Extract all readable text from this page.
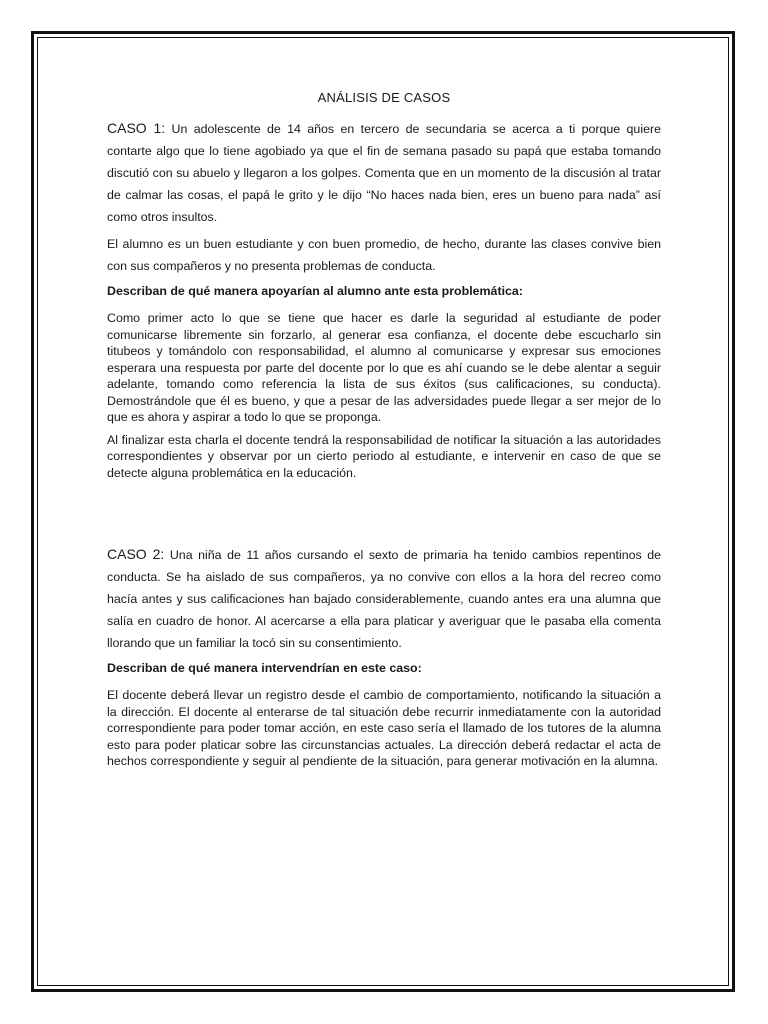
ANÁLISIS DE CASOS

CASO 1: Un adolescente de 14 años en tercero de secundaria se acerca a ti porque quiere contarte algo que lo tiene agobiado ya que el fin de semana pasado su papá que estaba tomando discutió con su abuelo y llegaron a los golpes. Comenta que en un momento de la discusión al tratar de calmar las cosas, el papá le grito y le dijo “No haces nada bien, eres un bueno para nada” así como otros insultos.

El alumno es un buen estudiante y con buen promedio, de hecho, durante las clases convive bien con sus compañeros y no presenta problemas de conducta.

Describan de qué manera apoyarían al alumno ante esta problemática:

Como primer acto lo que se tiene que hacer es darle la seguridad al estudiante de poder comunicarse libremente sin forzarlo, al generar esa confianza, el docente debe escucharlo sin titubeos y tomándolo con responsabilidad, el alumno al comunicarse y expresar sus emociones esperara una respuesta por parte del docente por lo que es ahí cuando se le debe alentar a seguir adelante, tomando como referencia la lista de sus éxitos (sus calificaciones, su conducta). Demostrándole que él es bueno, y que a pesar de las adversidades puede llegar a ser mejor de lo que es ahora y aspirar a todo lo que se proponga.

Al finalizar esta charla el docente tendrá la responsabilidad de notificar la situación a las autoridades correspondientes y observar por un cierto periodo al estudiante, e intervenir en caso de que se detecte alguna problemática en la educación.

CASO 2: Una niña de 11 años cursando el sexto de primaria ha tenido cambios repentinos de conducta. Se ha aislado de sus compañeros, ya no convive con ellos a la hora del recreo como hacía antes y sus calificaciones han bajado considerablemente, cuando antes era una alumna que salía en cuadro de honor. Al acercarse a ella para platicar y averiguar que le pasaba ella comenta llorando que un familiar la tocó sin su consentimiento.

Describan de qué manera intervendrían en este caso:

El docente deberá llevar un registro desde el cambio de comportamiento, notificando la situación a la dirección. El docente al enterarse de tal situación debe recurrir inmediatamente con la autoridad correspondiente para poder tomar acción, en este caso sería el llamado de los tutores de la alumna esto para poder platicar sobre las circunstancias actuales. La dirección deberá redactar el acta de hechos correspondiente y seguir al pendiente de la situación, para generar motivación en la alumna.
